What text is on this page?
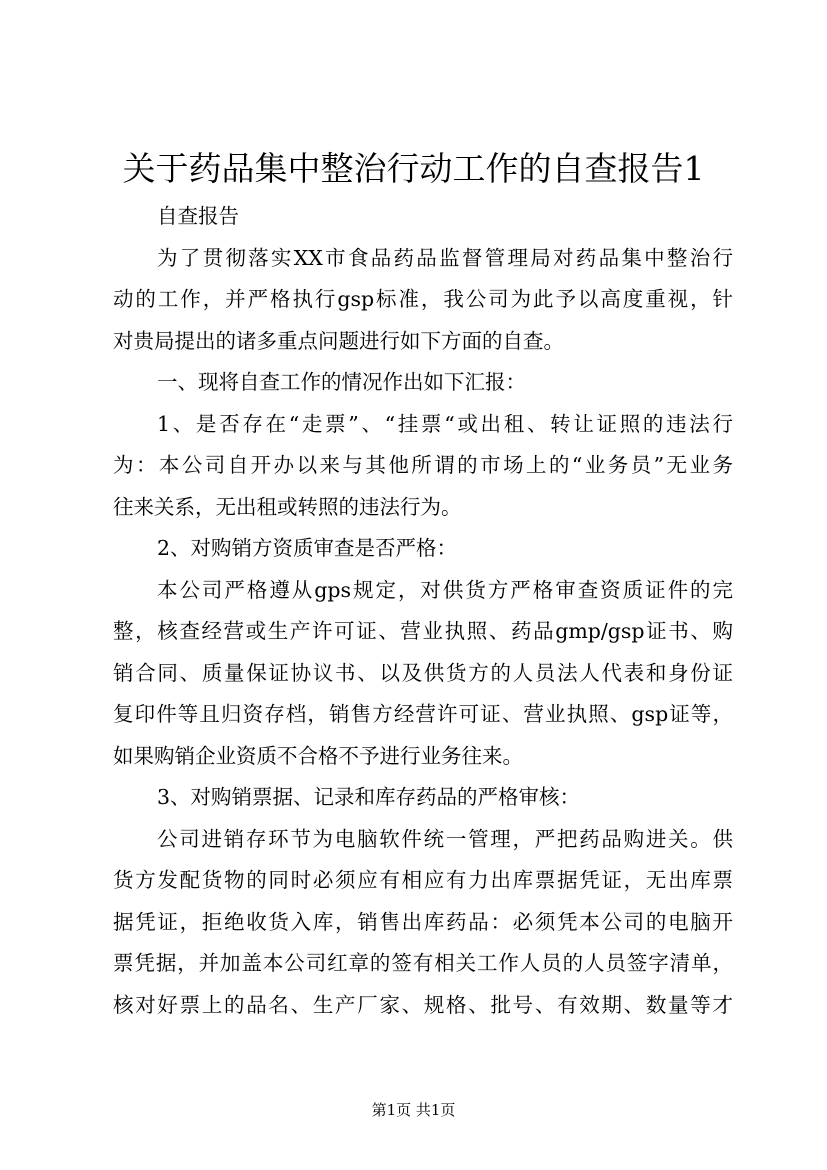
关于药品集中整治行动工作的自查报告1
自查报告
为了贯彻落实XX市食品药品监督管理局对药品集中整治行
动的工作，并严格执行gsp标准，我公司为此予以高度重视，针
对贵局提出的诸多重点问题进行如下方面的自查。
一、现将自查工作的情况作出如下汇报：
1、是否存在“走票”、“挂票“或出租、转让证照的违法行
为：本公司自开办以来与其他所谓的市场上的“业务员”无业务
往来关系，无出租或转照的违法行为。
2、对购销方资质审查是否严格：
本公司严格遵从gps规定，对供货方严格审查资质证件的完
整，核查经营或生产许可证、营业执照、药品gmp/gsp证书、购
销合同、质量保证协议书、以及供货方的人员法人代表和身份证
复印件等且归资存档，销售方经营许可证、营业执照、gsp证等，
如果购销企业资质不合格不予进行业务往来。
3、对购销票据、记录和库存药品的严格审核：
公司进销存环节为电脑软件统一管理，严把药品购进关。供
货方发配货物的同时必须应有相应有力出库票据凭证，无出库票
据凭证，拒绝收货入库，销售出库药品：必须凭本公司的电脑开
票凭据，并加盖本公司红章的签有相关工作人员的人员签字清单，
核对好票上的品名、生产厂家、规格、批号、有效期、数量等才
第1页 共1页
